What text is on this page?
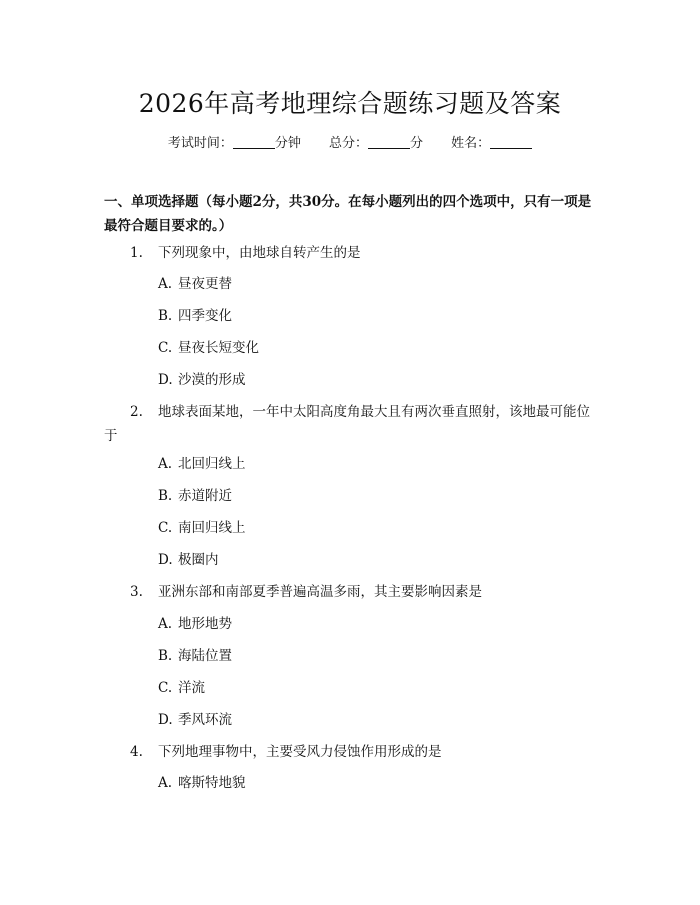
2026年高考地理综合题练习题及答案
考试时间：	分钟 总分：	分 姓名：
一、单项选择题（每小题2分，共30分。在每小题列出的四个选项中，只有一项是最符合题目要求的。）
1. 下列现象中，由地球自转产生的是
A. 昼夜更替
B. 四季变化
C. 昼夜长短变化
D. 沙漠的形成
2. 地球表面某地，一年中太阳高度角最大且有两次垂直照射，该地最可能位于
A. 北回归线上
B. 赤道附近
C. 南回归线上
D. 极圈内
3. 亚洲东部和南部夏季普遍高温多雨，其主要影响因素是
A. 地形地势
B. 海陆位置
C. 洋流
D. 季风环流
4. 下列地理事物中，主要受风力侵蚀作用形成的是
A. 喀斯特地貌
